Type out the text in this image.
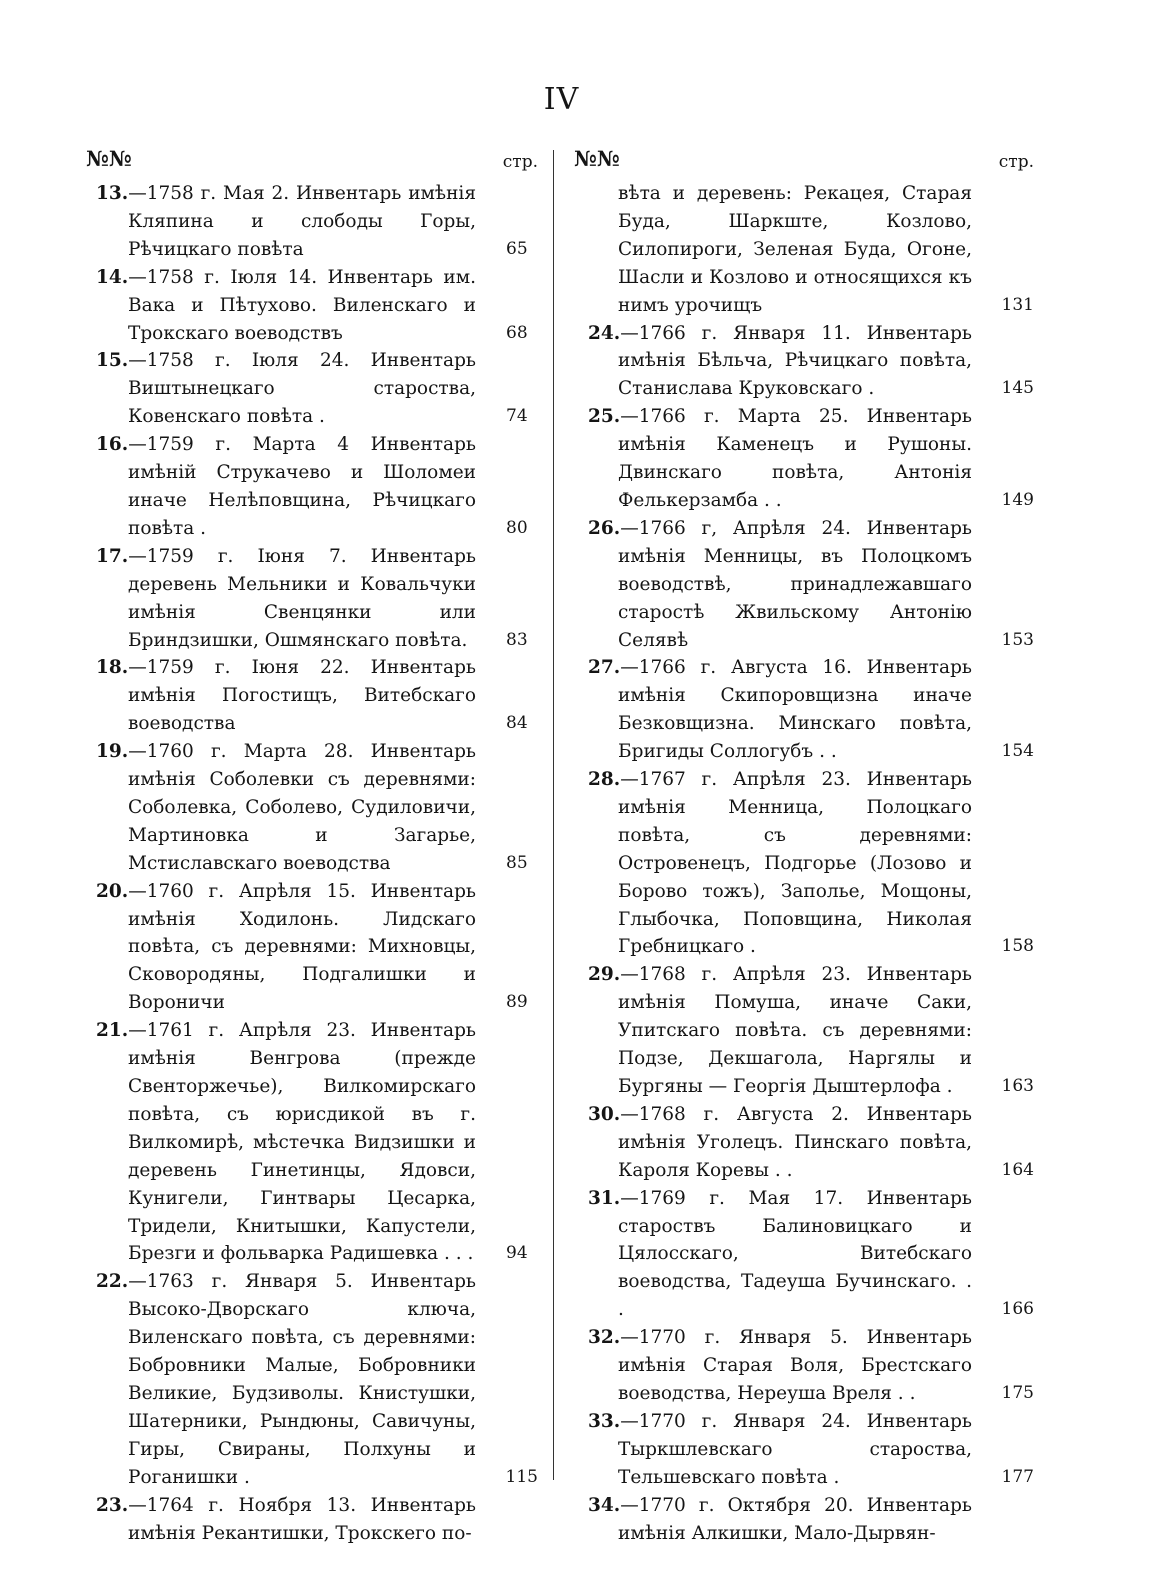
IV
№№	стр.

13.—1758 г. Мая 2. Инвентарь имѣнія Кляпина и слободы Горы, Рѣчицкаго повѣта	65

14.—1758 г. Іюля 14. Инвентарь им. Вака и Пѣтухово. Виленскаго и Трокскаго воеводствъ	68

15.—1758 г. Іюля 24. Инвентарь Виштынецкаго староства, Ковенскаго повѣта .	74

16.—1759 г. Марта 4 Инвентарь имѣній Струкачево и Шоломеи иначе Нелѣповщина, Рѣчицкаго повѣта .	80

17.—1759 г. Іюня 7. Инвентарь деревень Мельники и Ковальчуки имѣнія Свенцянки или Бриндзишки, Ошмянскаго повѣта. 83

18.—1759 г. Іюня 22. Инвентарь имѣнія Погостищъ, Витебскаго воеводства	84

19.—1760 г. Марта 28. Инвентарь имѣнія Соболевки съ деревнями: Соболевка, Соболево, Судиловичи, Мартиновка и Загарье, Мстиславскаго воеводства	85

20.—1760 г. Апрѣля 15. Инвентарь имѣнія Ходилонь. Лидскаго повѣта, съ деревнями: Михновцы, Сковородяны, Подгалишки и Вороничи	89

21.—1761 г. Апрѣля 23. Инвентарь имѣнія Венгрова (прежде Свенторжечье), Вилкомирскаго повѣта, съ юрисдикой въ г. Вилкомирѣ, мѣстечка Видзишки и деревень Гинетинцы, Ядовси, Кунигели, Гинтвары Цесарка, Тридели, Книтышки, Капустели, Брезги и фольварка Радишевка . . . 94

22.—1763 г. Января 5. Инвентарь Высоко-Дворскаго ключа, Виленскаго повѣта, съ деревнями: Бобровники Малые, Бобровники Великие, Будзиволы. Книстушки, Шатерники, Рындюны, Савичуны, Гиры, Свираны, Полхуны и Роганишки .	115

23.—1764 г. Ноября 13. Инвентарь имѣнія Рекантишки, Трокскего по-

№№	стр.

вѣта и деревень: Рекацея, Старая Буда, Шаркште, Козлово, Силопироги, Зеленая Буда, Огоне, Шасли и Козлово и относящихся къ нимъ урочищъ	131

24.—1766 г. Января 11. Инвентарь имѣнія Бѣльча, Рѣчицкаго повѣта, Станислава Круковскаго .	145

25.—1766 г. Марта 25. Инвентарь имѣнія Каменецъ и Рушоны. Двинскаго повѣта, Антонія Фелькерзамба . .	149

26.—1766 г, Апрѣля 24. Инвентарь имѣнія Менницы, въ Полоцкомъ воеводствѣ, принадлежавшаго старостѣ Жвильскому Антонію Селявѣ	153

27.—1766 г. Августа 16. Инвентарь имѣнія Скипоровщизна иначе Безковщизна. Минскаго повѣта, Бригиды Соллогубъ . .	154

28.—1767 г. Апрѣля 23. Инвентарь имѣнія Менница, Полоцкаго повѣта, съ деревнями: Островенецъ, Подгорье (Лозово и Борово тожъ), Заполье, Мощоны, Глыбочка, Поповщина, Николая Гребницкаго .	158

29.—1768 г. Апрѣля 23. Инвентарь имѣнія Помуша, иначе Саки, Упитскаго повѣта. съ деревнями: Подзе, Декшагола, Наргялы и Бургяны — Георгія Дыштерлофа .	163

30.—1768 г. Августа 2. Инвентарь имѣнія Уголецъ. Пинскаго повѣта, Кароля Коревы . .	164

31.—1769 г. Мая 17. Инвентарь староствъ Балиновицкаго и Цялосскаго, Витебскаго воеводства, Тадеуша Бучинскаго. . .	166

32.—1770 г. Января 5. Инвентарь имѣнія Старая Воля, Брестскаго воеводства, Нереуша Вреля . .	175

33.—1770 г. Января 24. Инвентарь Тыркшлевскаго староства, Тельшевскаго повѣта .	177

34.—1770 г. Октября 20. Инвентарь имѣнія Алкишки, Мало-Дырвян-
